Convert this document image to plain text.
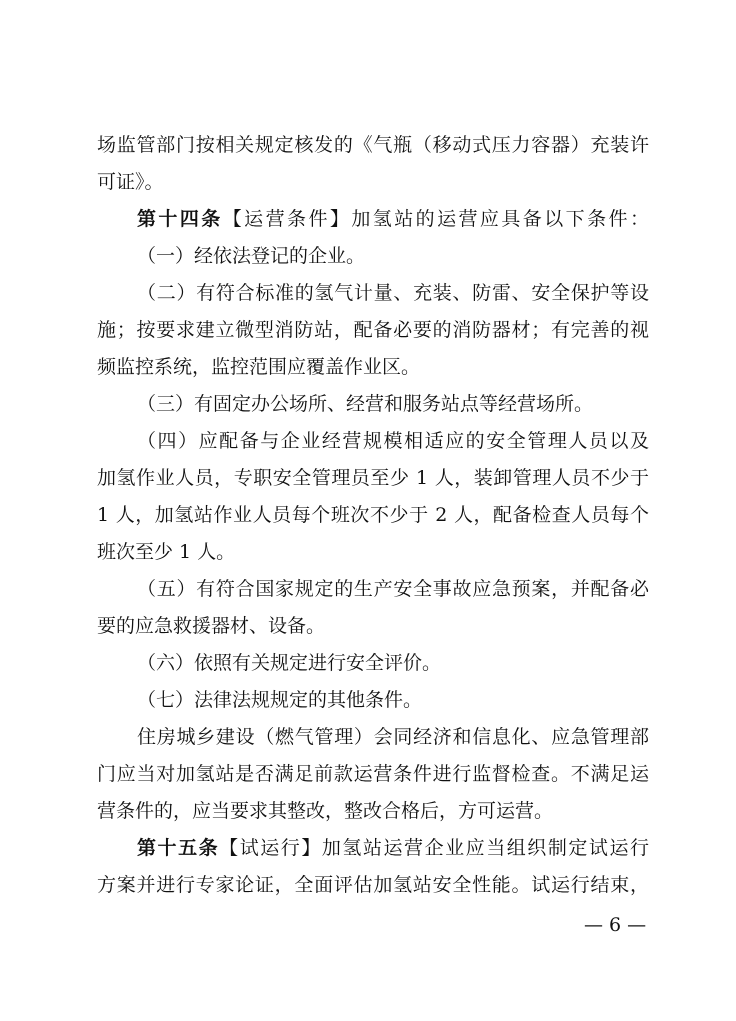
场监管部门按相关规定核发的《气瓶（移动式压力容器）充装许
可证》。
第十四条【运营条件】加氢站的运营应具备以下条件：
（一）经依法登记的企业。
（二）有符合标准的氢气计量、充装、防雷、安全保护等设
施；按要求建立微型消防站，配备必要的消防器材；有完善的视
频监控系统，监控范围应覆盖作业区。
（三）有固定办公场所、经营和服务站点等经营场所。
（四）应配备与企业经营规模相适应的安全管理人员以及
加氢作业人员，专职安全管理员至少 1 人，装卸管理人员不少于
1 人，加氢站作业人员每个班次不少于 2 人，配备检查人员每个
班次至少 1 人。
（五）有符合国家规定的生产安全事故应急预案，并配备必
要的应急救援器材、设备。
（六）依照有关规定进行安全评价。
（七）法律法规规定的其他条件。
住房城乡建设（燃气管理）会同经济和信息化、应急管理部
门应当对加氢站是否满足前款运营条件进行监督检查。不满足运
营条件的，应当要求其整改，整改合格后，方可运营。
第十五条【试运行】加氢站运营企业应当组织制定试运行
方案并进行专家论证，全面评估加氢站安全性能。试运行结束，
— 6 —
